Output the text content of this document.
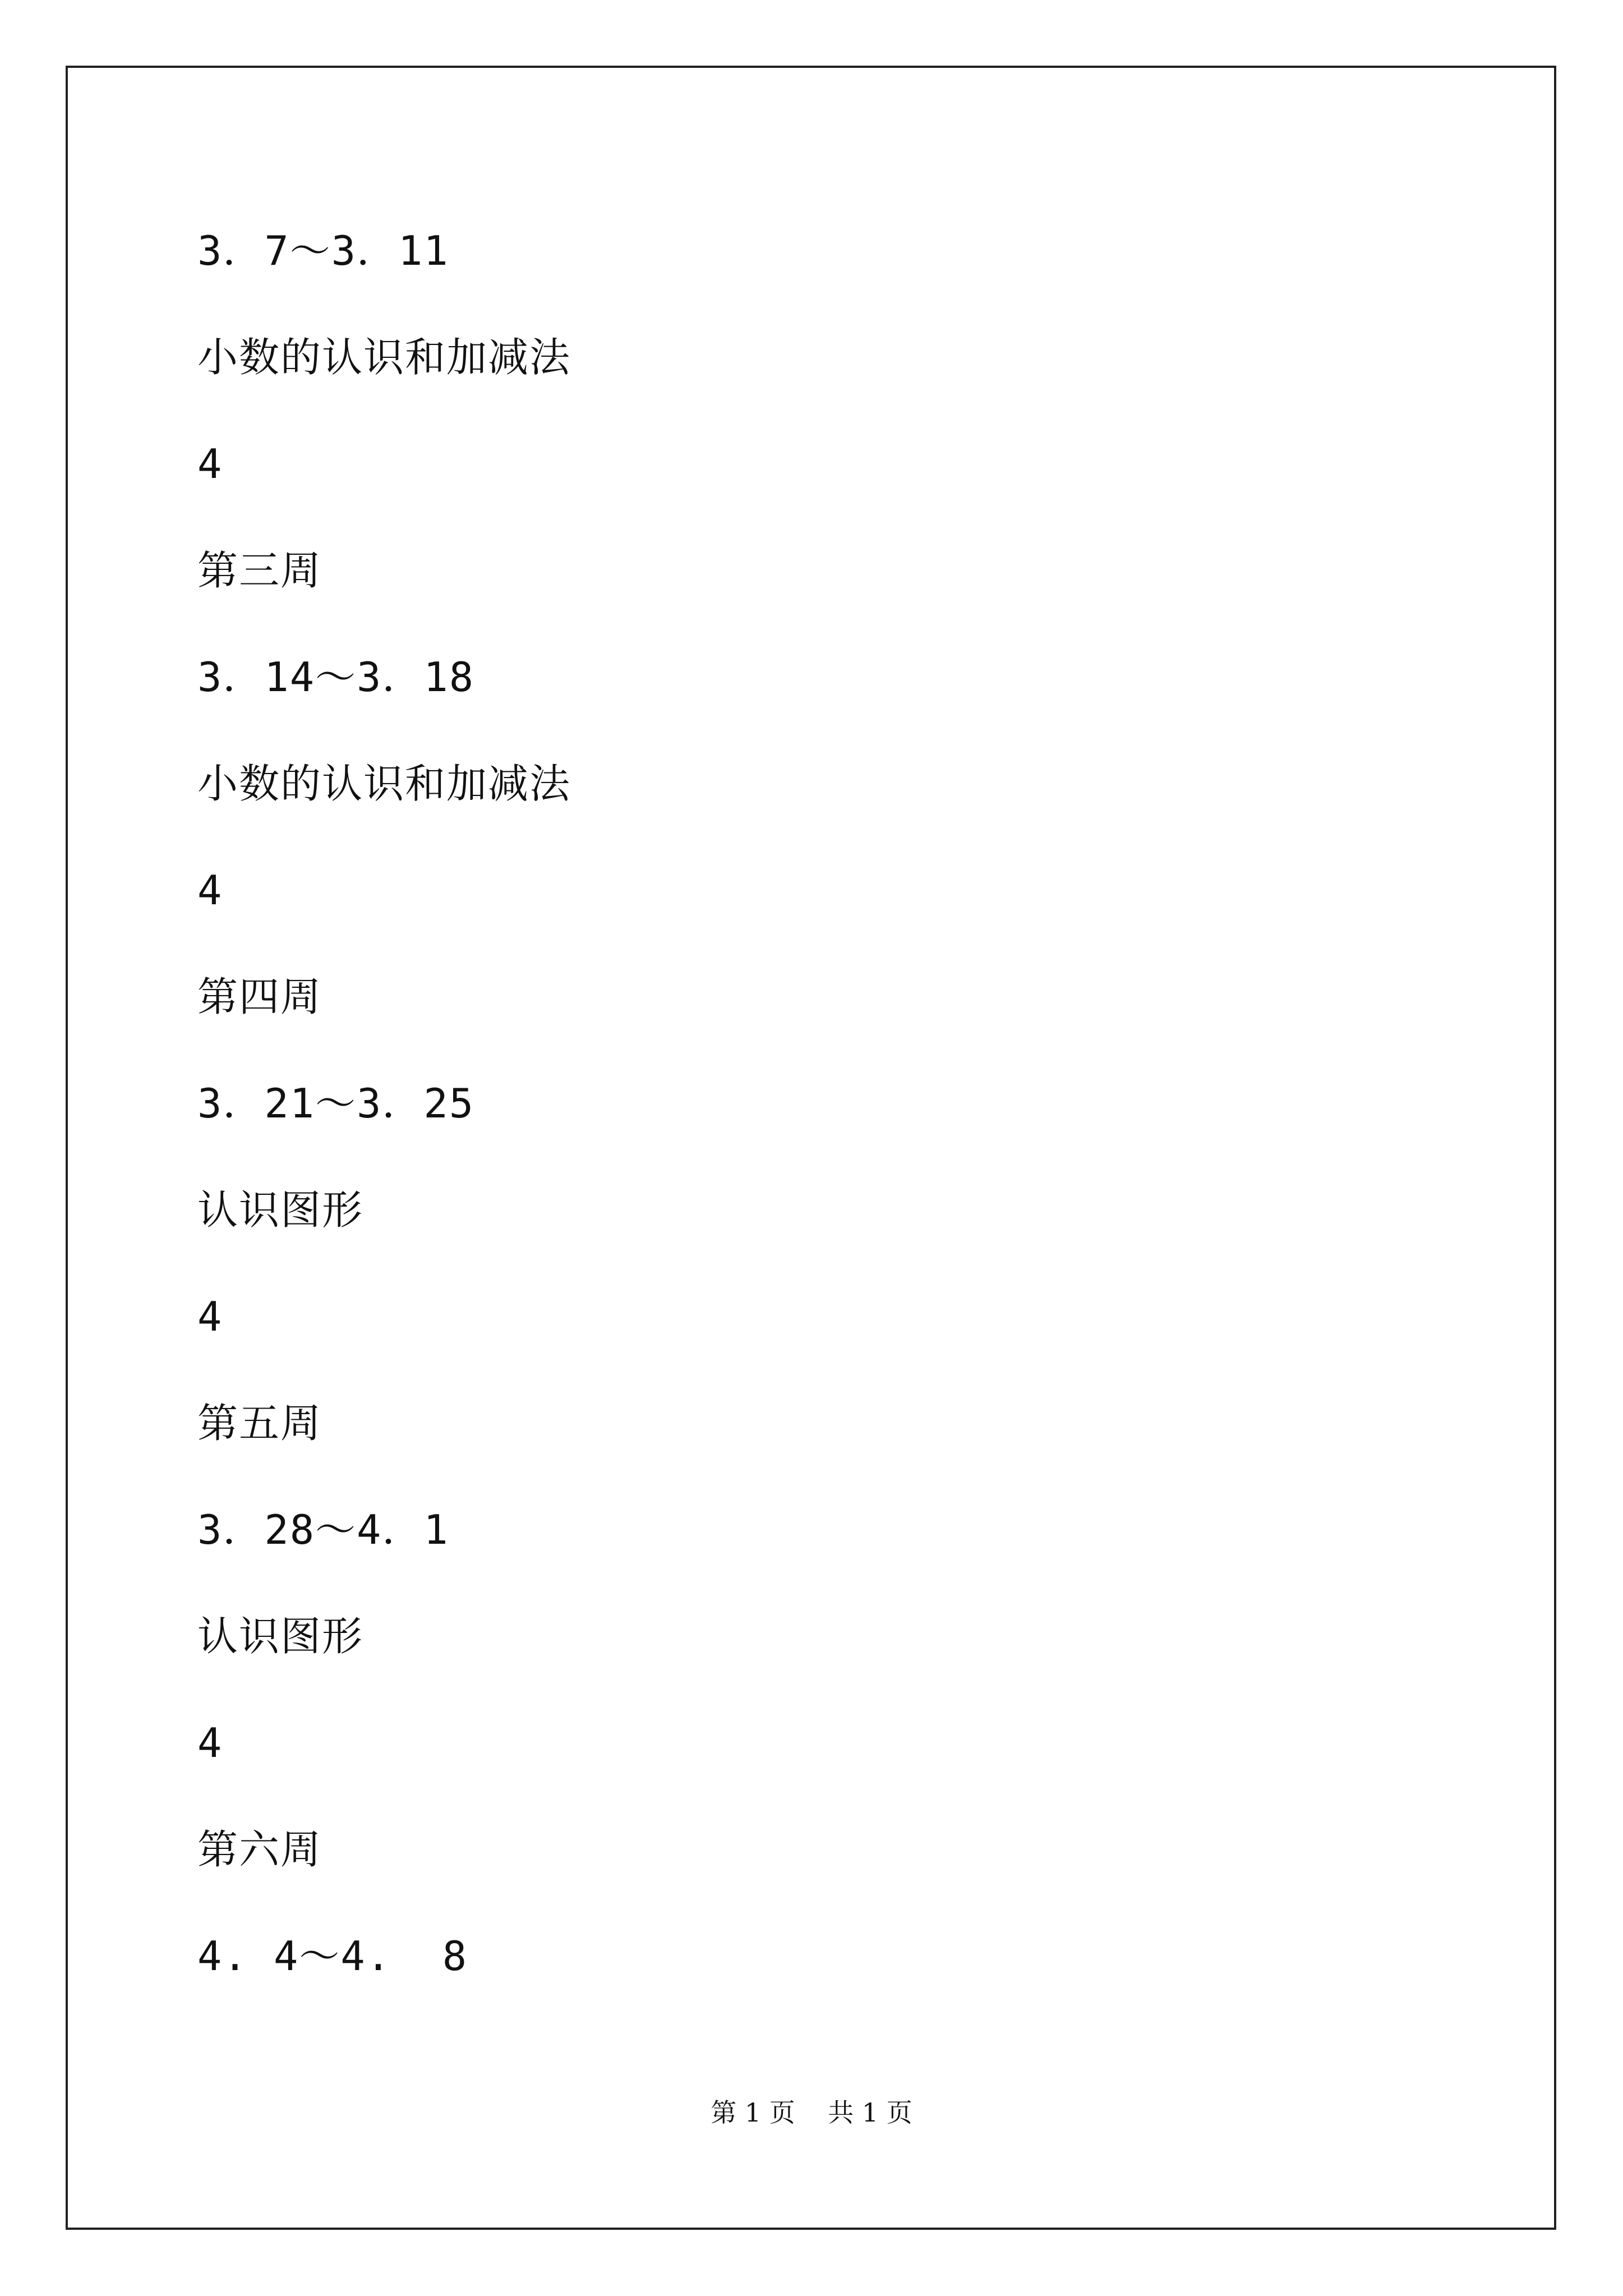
3．7～3．11
小数的认识和加减法
4
第三周
3．14～3．18
小数的认识和加减法
4
第四周
3．21～3．25
认识图形
4
第五周
3．28～4．1
认识图形
4
第六周
4. 4～4.  8
第 1 页    共 1 页
